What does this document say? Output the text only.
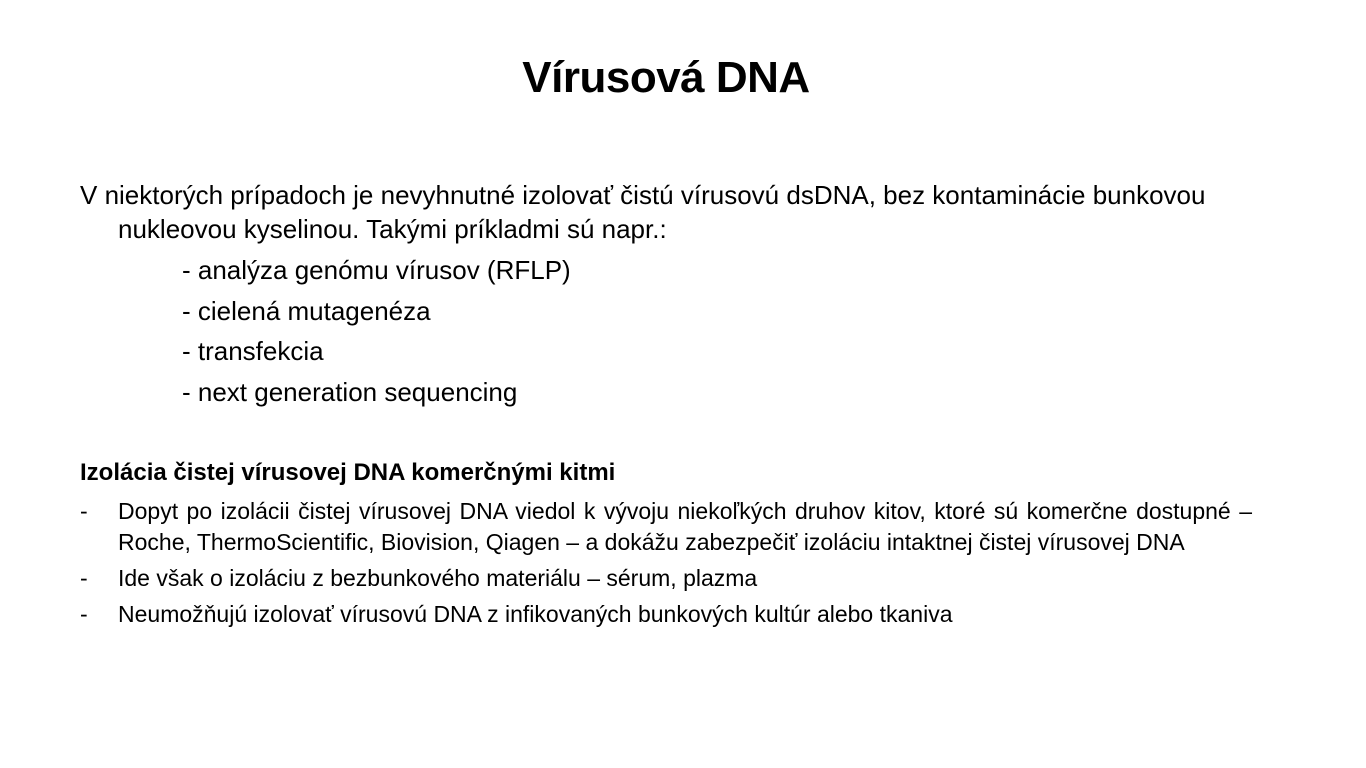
Vírusová DNA
V niektorých prípadoch je nevyhnutné izolovať čistú vírusovú dsDNA, bez kontaminácie bunkovou nukleovou kyselinou. Takými príkladmi sú napr.:
- analýza genómu vírusov (RFLP)
- cielená mutagenéza
- transfekcia
- next generation sequencing
Izolácia čistej vírusovej DNA komerčnými kitmi
- Dopyt po izolácii čistej vírusovej DNA viedol k vývoju niekoľkých druhov kitov, ktoré sú komerčne dostupné – Roche, ThermoScientific, Biovision, Qiagen – a dokážu zabezpečiť izoláciu intaktnej čistej vírusovej DNA
- Ide však o izoláciu z bezbunkového materiálu – sérum, plazma
- Neumožňujú izolovať vírusovú DNA z infikovaných bunkových kultúr alebo tkaniva
